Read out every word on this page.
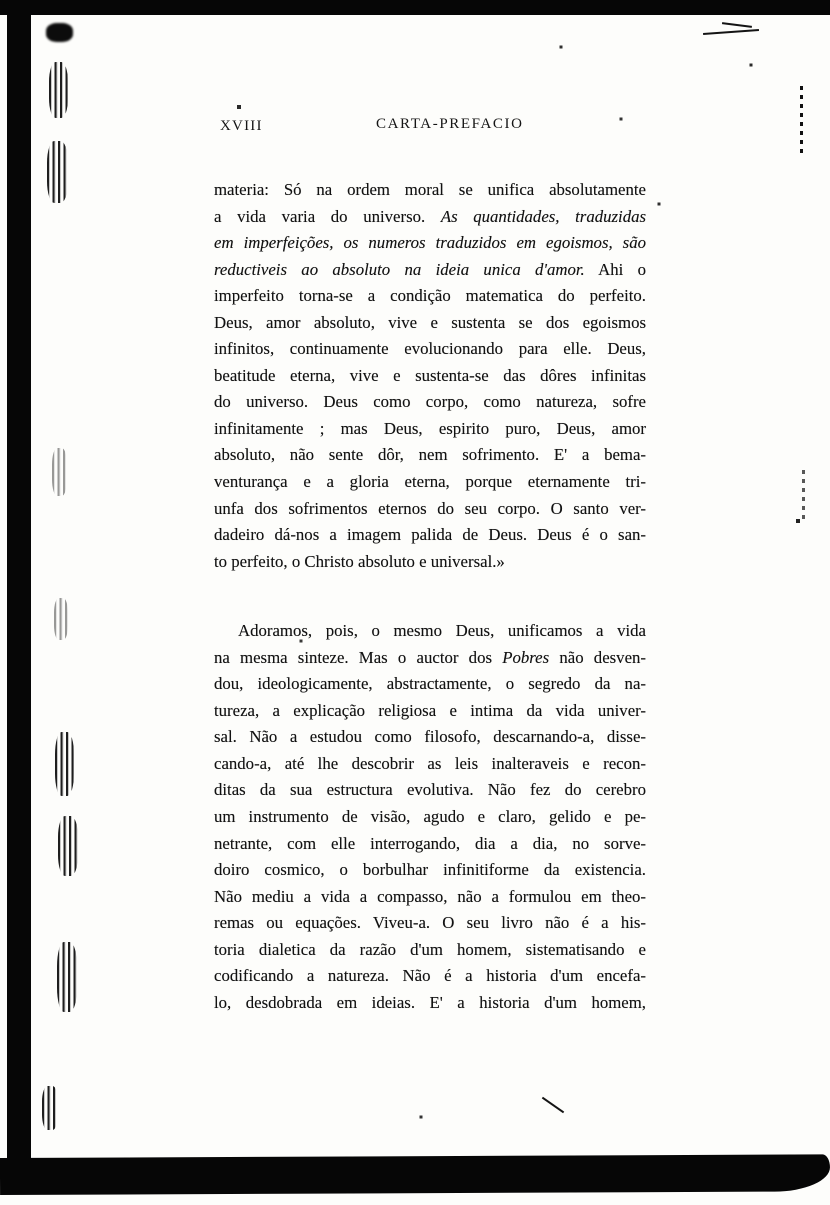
XVIII	CARTA-PREFACIO
materia: Só na ordem moral se unifica absolutamente
a vida varia do universo. As quantidades, traduzidas
em imperfeições, os numeros traduzidos em egoismos, são
reductiveis ao absoluto na ideia unica d'amor. Ahi o
imperfeito torna-se a condição matematica do perfeito.
Deus, amor absoluto, vive e sustenta se dos egoismos
infinitos, continuamente evolucionando para elle. Deus,
beatitude eterna, vive e sustenta-se das dôres infinitas
do universo. Deus como corpo, como natureza, sofre
infinitamente ; mas Deus, espirito puro, Deus, amor
absoluto, não sente dôr, nem sofrimento. E' a bema-
venturança e a gloria eterna, porque eternamente tri-
unfa dos sofrimentos eternos do seu corpo. O santo ver-
dadeiro dá-nos a imagem palida de Deus. Deus é o san-
to perfeito, o Christo absoluto e universal.»
Adoramos, pois, o mesmo Deus, unificamos a vida
na mesma sinteze. Mas o auctor dos Pobres não desven-
dou, ideologicamente, abstractamente, o segredo da na-
tureza, a explicação religiosa e intima da vida univer-
sal. Não a estudou como filosofo, descarnando-a, disse-
cando-a, até lhe descobrir as leis inalteraveis e recon-
ditas da sua estructura evolutiva. Não fez do cerebro
um instrumento de visão, agudo e claro, gelido e pe-
netrante, com elle interrogando, dia a dia, no sorve-
doiro cosmico, o borbulhar infinitiforme da existencia.
Não mediu a vida a compasso, não a formulou em theo-
remas ou equações. Viveu-a. O seu livro não é a his-
toria dialetica da razão d'um homem, sistematisando e
codificando a natureza. Não é a historia d'um encefa-
lo, desdobrada em ideias. E' a historia d'um homem,
